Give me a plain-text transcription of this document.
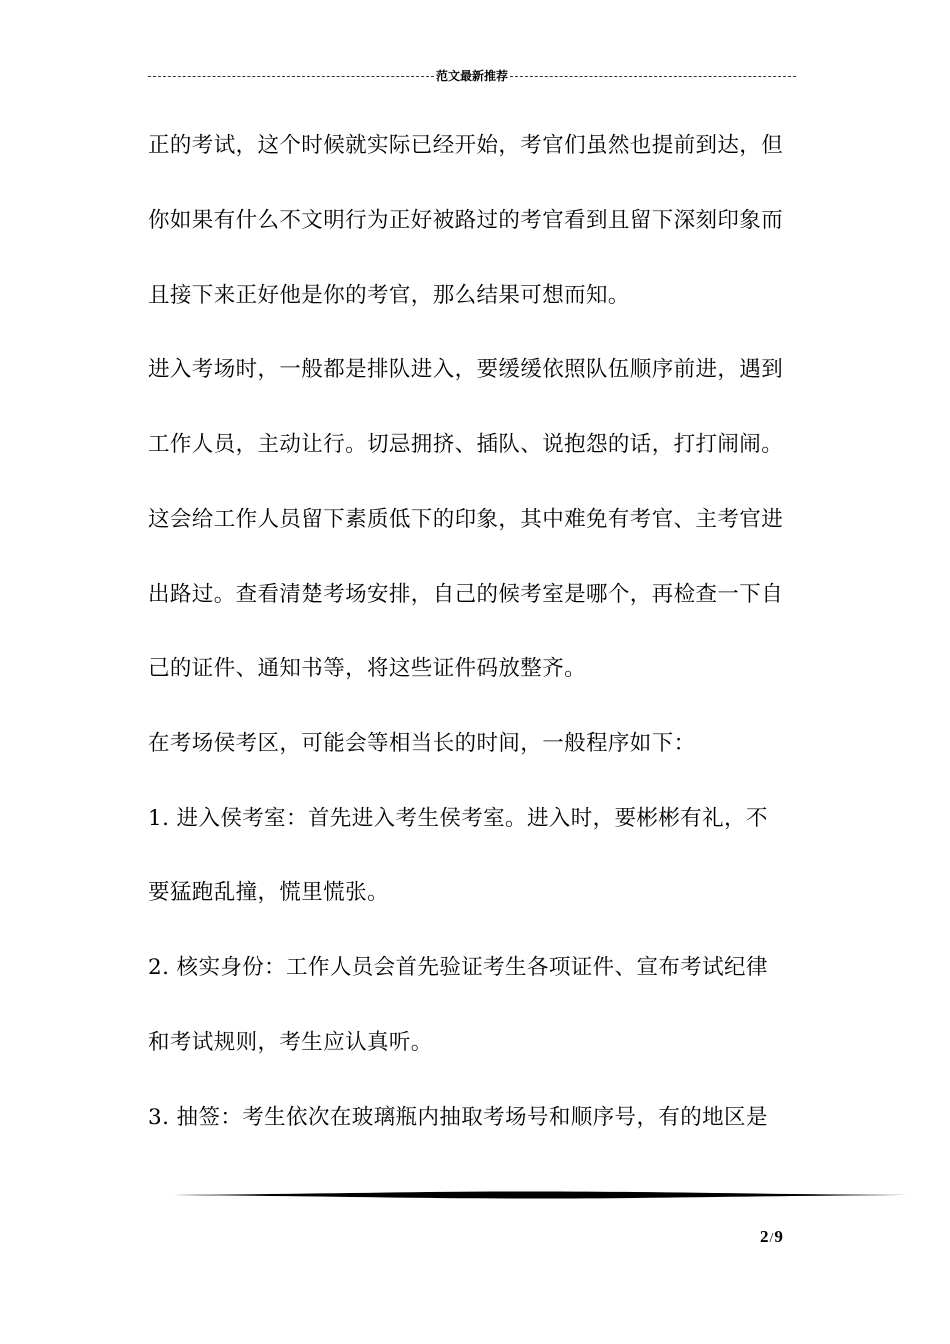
范文最新推荐
正的考试，这个时候就实际已经开始，考官们虽然也提前到达，但
你如果有什么不文明行为正好被路过的考官看到且留下深刻印象而
且接下来正好他是你的考官，那么结果可想而知。
进入考场时，一般都是排队进入，要缓缓依照队伍顺序前进，遇到
工作人员，主动让行。切忌拥挤、插队、说抱怨的话，打打闹闹。
这会给工作人员留下素质低下的印象，其中难免有考官、主考官进
出路过。查看清楚考场安排，自己的候考室是哪个，再检查一下自
己的证件、通知书等，将这些证件码放整齐。
在考场侯考区，可能会等相当长的时间，一般程序如下：
1. 进入侯考室：首先进入考生侯考室。进入时，要彬彬有礼，不
要猛跑乱撞，慌里慌张。
2. 核实身份：工作人员会首先验证考生各项证件、宣布考试纪律
和考试规则，考生应认真听。
3. 抽签：考生依次在玻璃瓶内抽取考场号和顺序号，有的地区是
2/9
